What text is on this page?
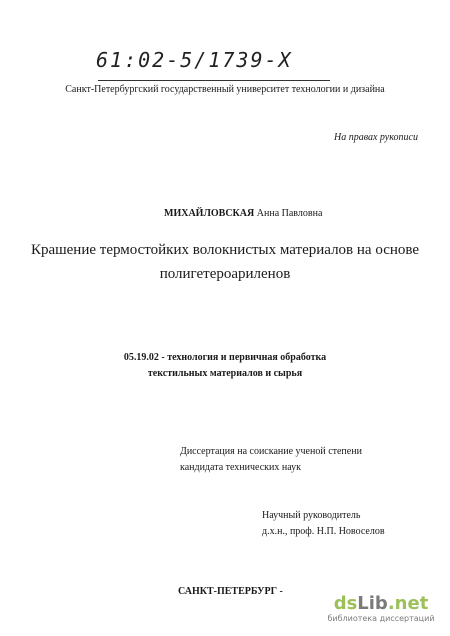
61:02-5/1739-X
Санкт-Петербургский государственный университет технологии и дизайна
На правах рукописи
МИХАЙЛОВСКАЯ Анна Павловна
Крашение термостойких волокнистых материалов на основе
полигетероариленов
05.19.02 - технология и первичная обработка
текстильных материалов и сырья
Диссертация на соискание ученой степени
кандидата технических наук
Научный руководитель
д.х.н., проф. Н.П. Новоселов
САНКТ-ПЕТЕРБУРГ -
dsLib.net
библиотека диссертаций
